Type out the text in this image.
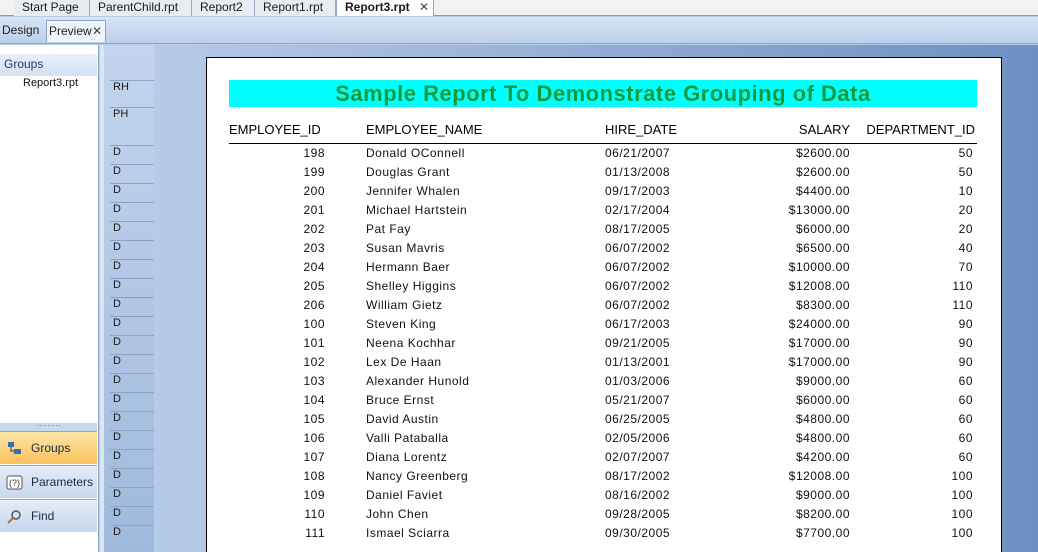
Start Page	ParentChild.rpt	Report2	Report1.rpt	Report3.rpt ✕
Design Preview ✕
Groups
Report3.rpt
·········
Groups
(?) Parameters
Find
RH
PH
D
D
D
D
D
D
D
D
D
D
D
D
D
D
D
D
D
D
D
D
D
Sample Report To Demonstrate Grouping of Data
EMPLOYEE_ID	EMPLOYEE_NAME	HIRE_DATE	SALARY	DEPARTMENT_ID
198	Donald OConnell	06/21/2007	$2600.00	50
199	Douglas Grant	01/13/2008	$2600.00	50
200	Jennifer Whalen	09/17/2003	$4400.00	10
201	Michael Hartstein	02/17/2004	$13000.00	20
202	Pat Fay	08/17/2005	$6000.00	20
203	Susan Mavris	06/07/2002	$6500.00	40
204	Hermann Baer	06/07/2002	$10000.00	70
205	Shelley Higgins	06/07/2002	$12008.00	110
206	William Gietz	06/07/2002	$8300.00	110
100	Steven King	06/17/2003	$24000.00	90
101	Neena Kochhar	09/21/2005	$17000.00	90
102	Lex De Haan	01/13/2001	$17000.00	90
103	Alexander Hunold	01/03/2006	$9000.00	60
104	Bruce Ernst	05/21/2007	$6000.00	60
105	David Austin	06/25/2005	$4800.00	60
106	Valli Pataballa	02/05/2006	$4800.00	60
107	Diana Lorentz	02/07/2007	$4200.00	60
108	Nancy Greenberg	08/17/2002	$12008.00	100
109	Daniel Faviet	08/16/2002	$9000.00	100
110	John Chen	09/28/2005	$8200.00	100
111	Ismael Sciarra	09/30/2005	$7700.00	100
